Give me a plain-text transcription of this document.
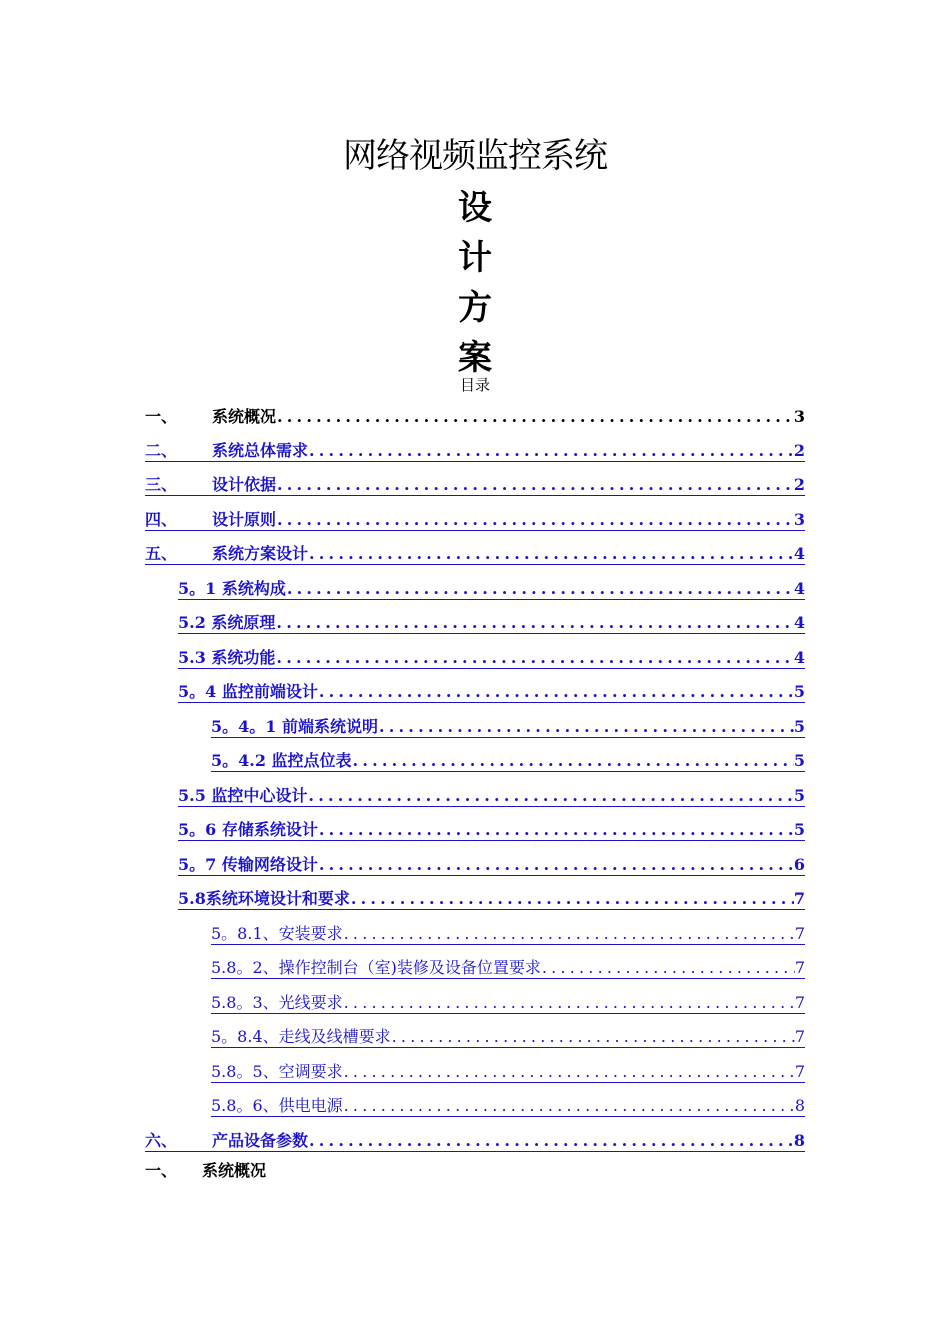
网络视频监控系统
设
计
方
案
目录
一、	系统概况 .....	3
二、	系统总体需求 .....	2
三、	设计依据 .....	2
四、	设计原则 .....	3
五、	系统方案设计 .....	4
5。1 系统构成 .....	4
5.2 系统原理 .....	4
5.3 系统功能 .....	4
5。4 监控前端设计 .....	5
5。4。1 前端系统说明 .....	5
5。4.2 监控点位表 .....	5
5.5 监控中心设计 .....	5
5。6 存储系统设计 .....	5
5。7 传输网络设计 .....	6
5.8系统环境设计和要求 .....	7
5。8.1、安装要求 .....	7
5.8。2、操作控制台（室)装修及设备位置要求 .....	7
5.8。3、光线要求 .....	7
5。8.4、走线及线槽要求 .....	7
5.8。5、空调要求 .....	7
5.8。6、供电电源 .....	8
六、	产品设备参数 .....	8
一、 系统概况
